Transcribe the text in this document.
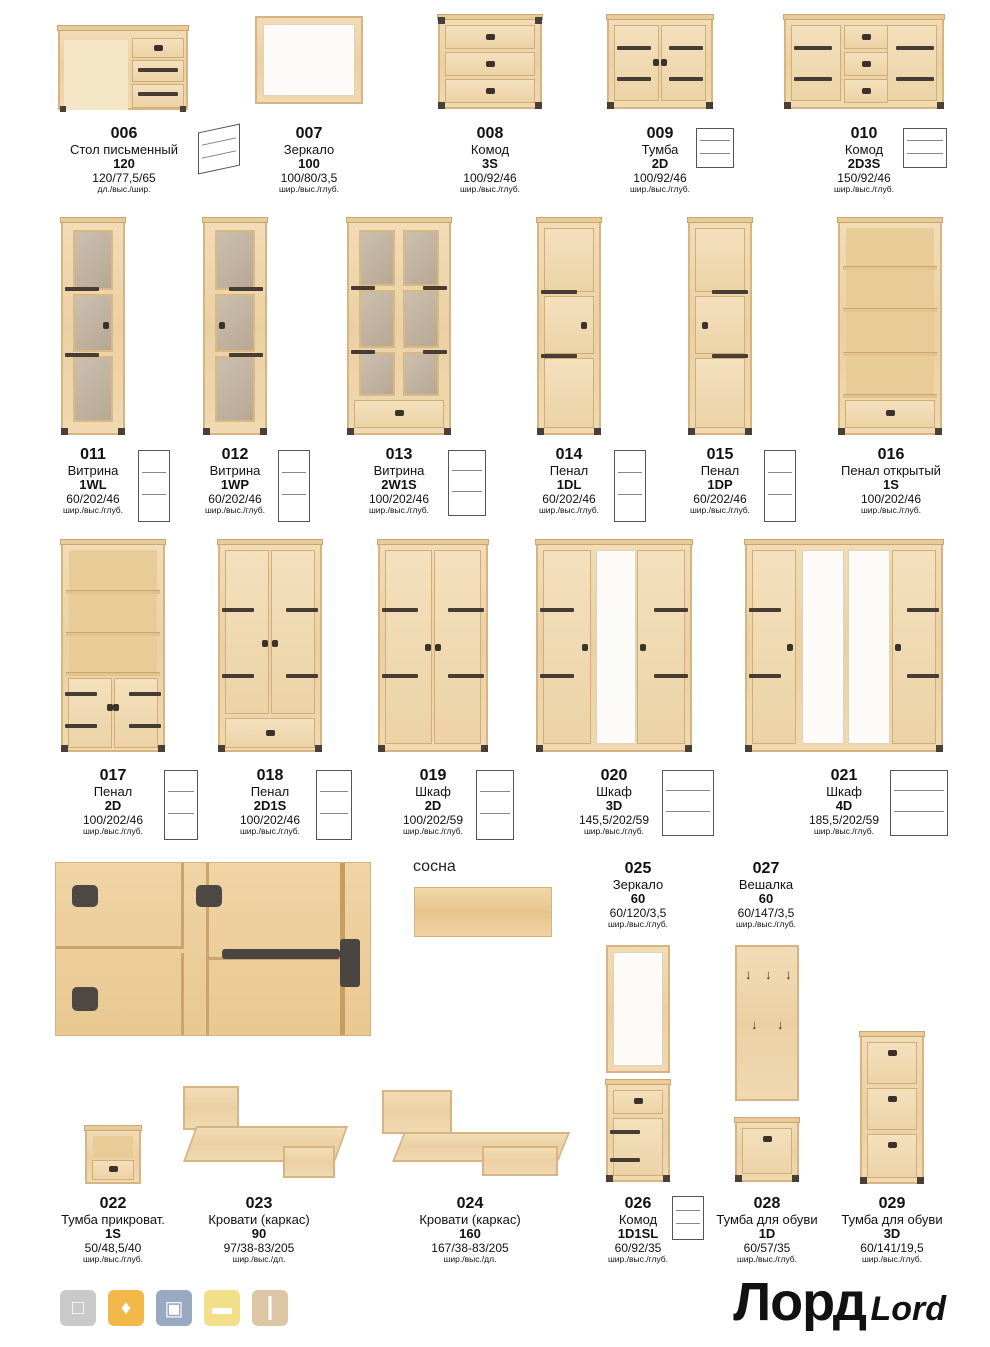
006
Стол письменный
120
120/77,5/65
дл./выс./шир.
007
Зеркало
100
100/80/3,5
шир./выс./глуб.
008
Комод
3S
100/92/46
шир./выс./глуб.
009
Тумба
2D
100/92/46
шир./выс./глуб.
010
Комод
2D3S
150/92/46
шир./выс./глуб.
011
Витрина
1WL
60/202/46
шир./выс./глуб.
012
Витрина
1WP
60/202/46
шир./выс./глуб.
013
Витрина
2W1S
100/202/46
шир./выс./глуб.
014
Пенал
1DL
60/202/46
шир./выс./глуб.
015
Пенал
1DP
60/202/46
шир./выс./глуб.
016
Пенал открытый
1S
100/202/46
шир./выс./глуб.
017
Пенал
2D
100/202/46
шир./выс./глуб.
018
Пенал
2D1S
100/202/46
шир./выс./глуб.
019
Шкаф
2D
100/202/59
шир./выс./глуб.
020
Шкаф
3D
145,5/202/59
шир./выс./глуб.
021
Шкаф
4D
185,5/202/59
шир./выс./глуб.
сосна	025
Зеркало
60
60/120/3,5
шир./выс./глуб.
027
Вешалка
60
60/147/3,5
шир./выс./глуб.
↓ ↓ ↓
↓ ↓
022
Тумба прикроват.
1S
50/48,5/40
шир./выс./глуб.
023
Кровати (каркас)
90
97/38-83/205
шир./выс./дл.
024
Кровати (каркас)
160
167/38-83/205
шир./выс./дл.
026
Комод
1D1SL
60/92/35
шир./выс./глуб.
028
Тумба для обуви
1D
60/57/35
шир./выс./глуб.
029
Тумба для обуви
3D
60/141/19,5
шир./выс./глуб.
□	♦	▣	▬	┃	Лорд Lord
